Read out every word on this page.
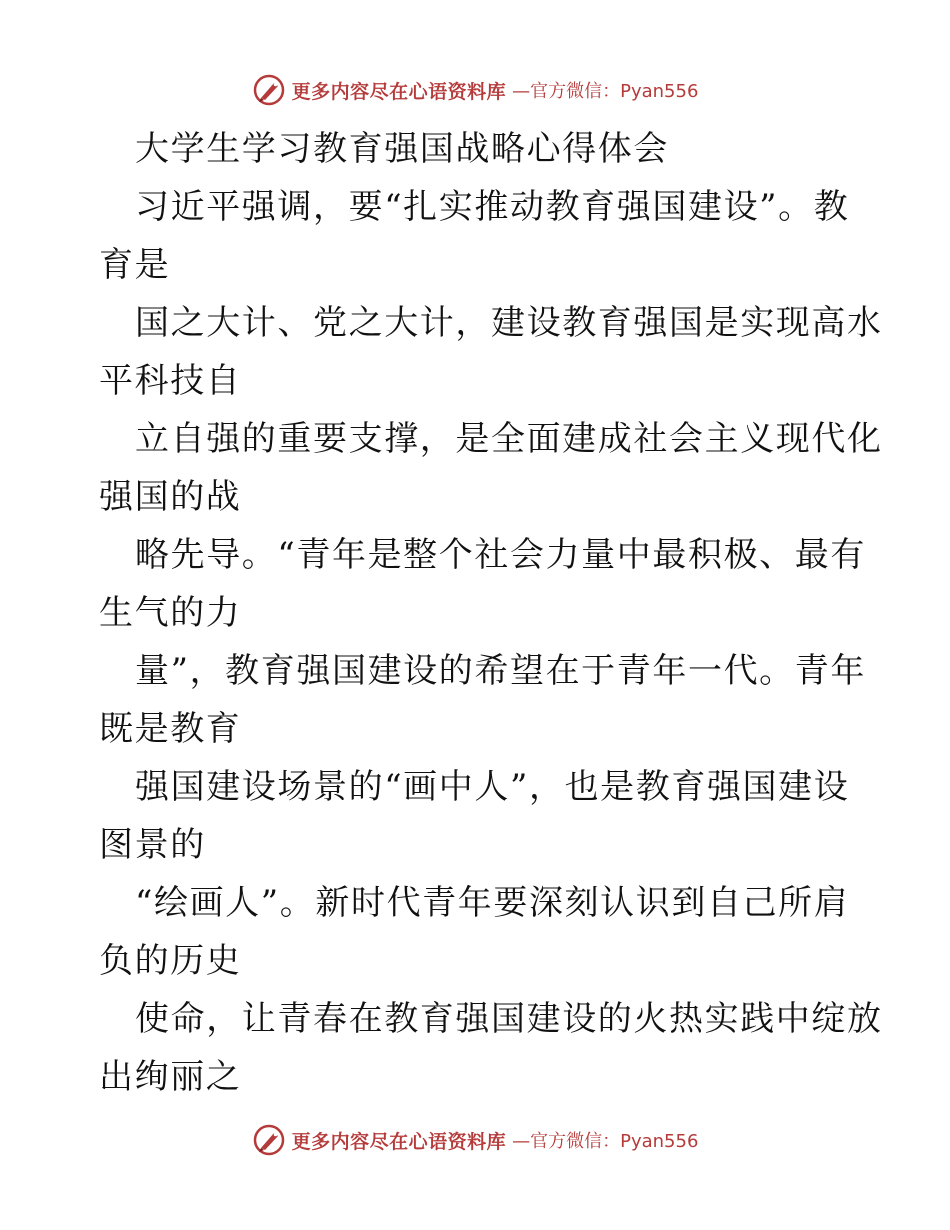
更多内容尽在心语资料库 —官方微信：Pyan556
大学生学习教育强国战略心得体会
习近平强调，要“扎实推动教育强国建设”。教
育是
国之大计、党之大计，建设教育强国是实现高水
平科技自
立自强的重要支撑，是全面建成社会主义现代化
强国的战
略先导。“青年是整个社会力量中最积极、最有
生气的力
量”，教育强国建设的希望在于青年一代。青年
既是教育
强国建设场景的“画中人”，也是教育强国建设
图景的
“绘画人”。新时代青年要深刻认识到自己所肩
负的历史
使命，让青春在教育强国建设的火热实践中绽放
出绚丽之
更多内容尽在心语资料库 —官方微信：Pyan556
